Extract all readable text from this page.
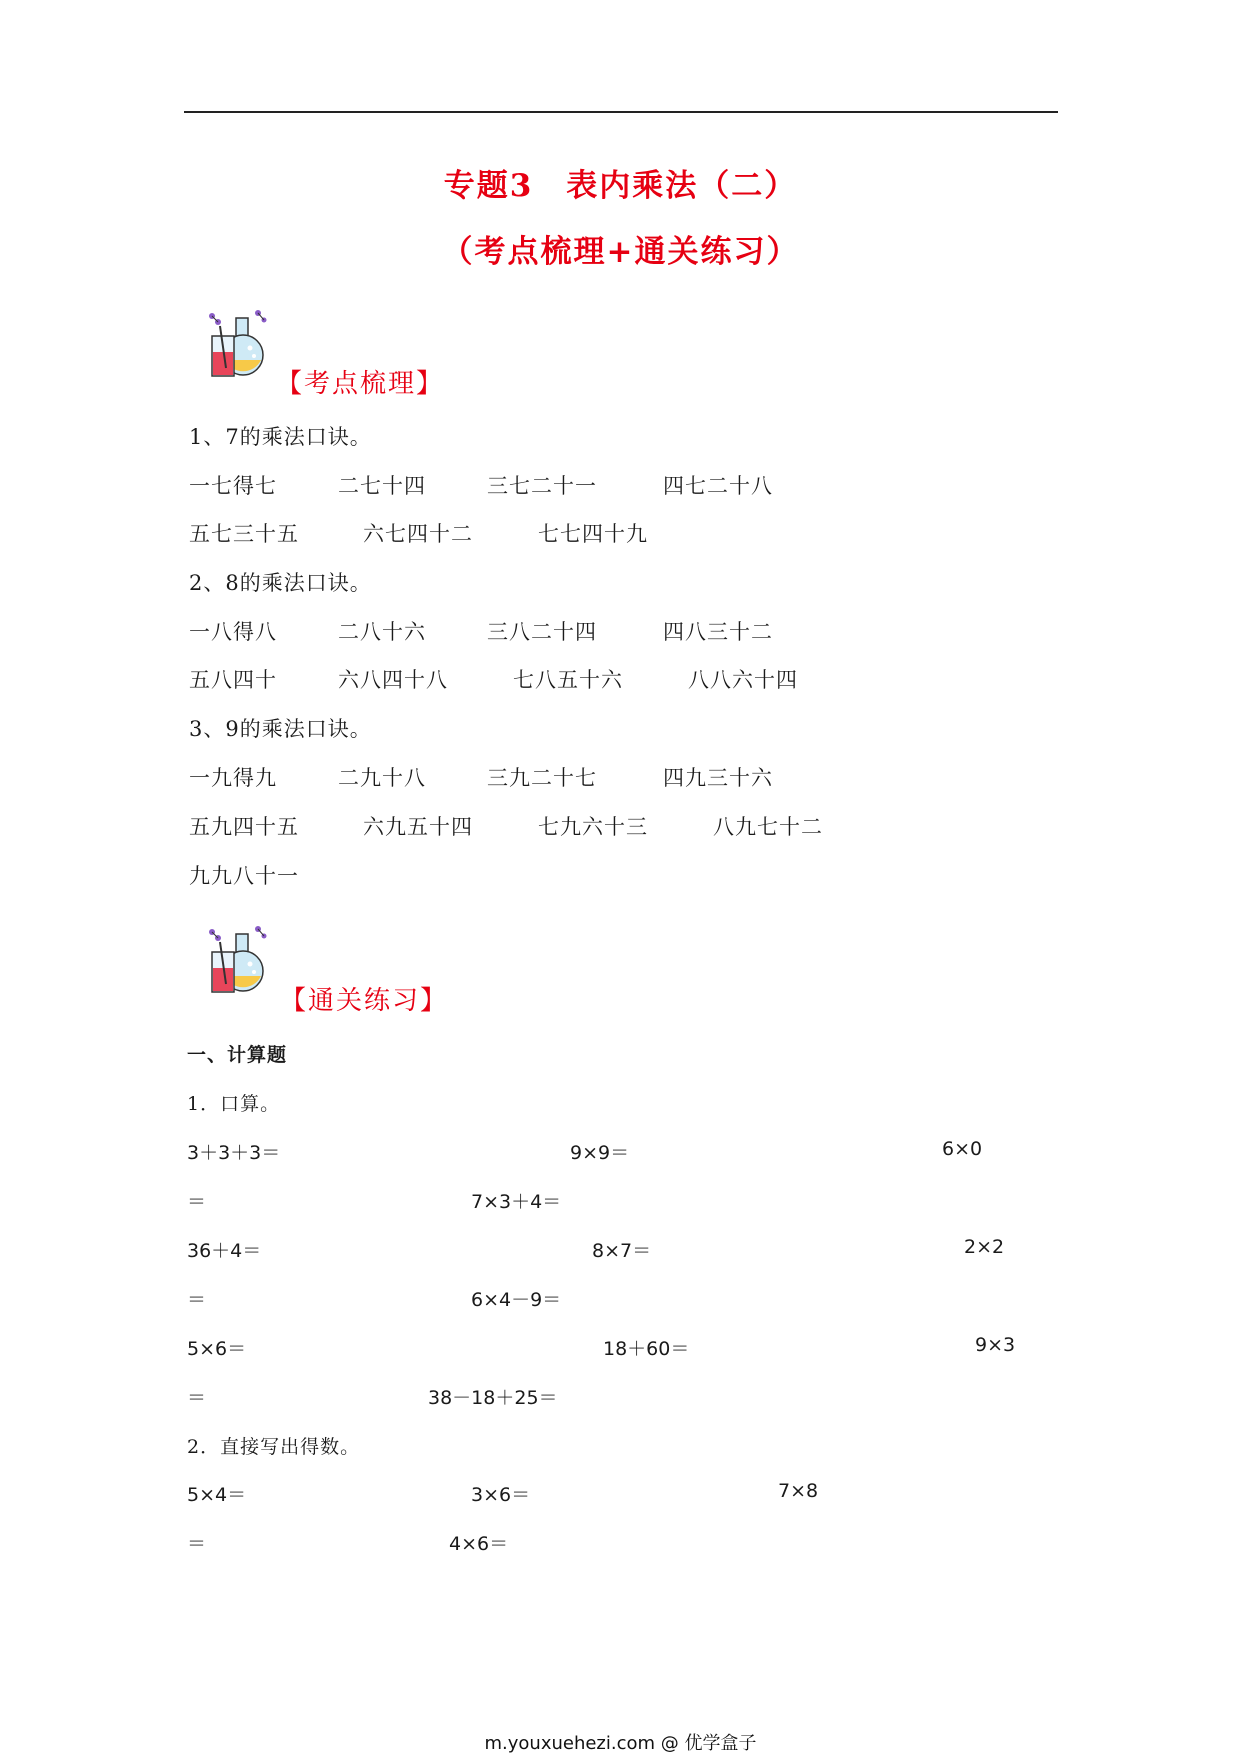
专题3　表内乘法（二）
（考点梳理+通关练习）
【考点梳理】
1、7的乘法口诀。
一七得七	二七十四	三七二十一	四七二十八
五七三十五	六七四十二	七七四十九
2、8的乘法口诀。
一八得八	二八十六	三八二十四	四八三十二
五八四十	六八四十八	七八五十六	八八六十四
3、9的乘法口诀。
一九得九	二九十八	三九二十七	四九三十六
五九四十五	六九五十四	七九六十三	八九七十二
九九八十一
【通关练习】
一、计算题
1．口算。
3＋3＋3＝	9×9＝	6×0
＝	7×3＋4＝
36＋4＝	8×7＝	2×2
＝	6×4－9＝
5×6＝	18＋60＝	9×3
＝	38－18＋25＝
2．直接写出得数。
5×4＝	3×6＝	7×8
＝	4×6＝
m.youxuehezi.com @ 优学盒子
